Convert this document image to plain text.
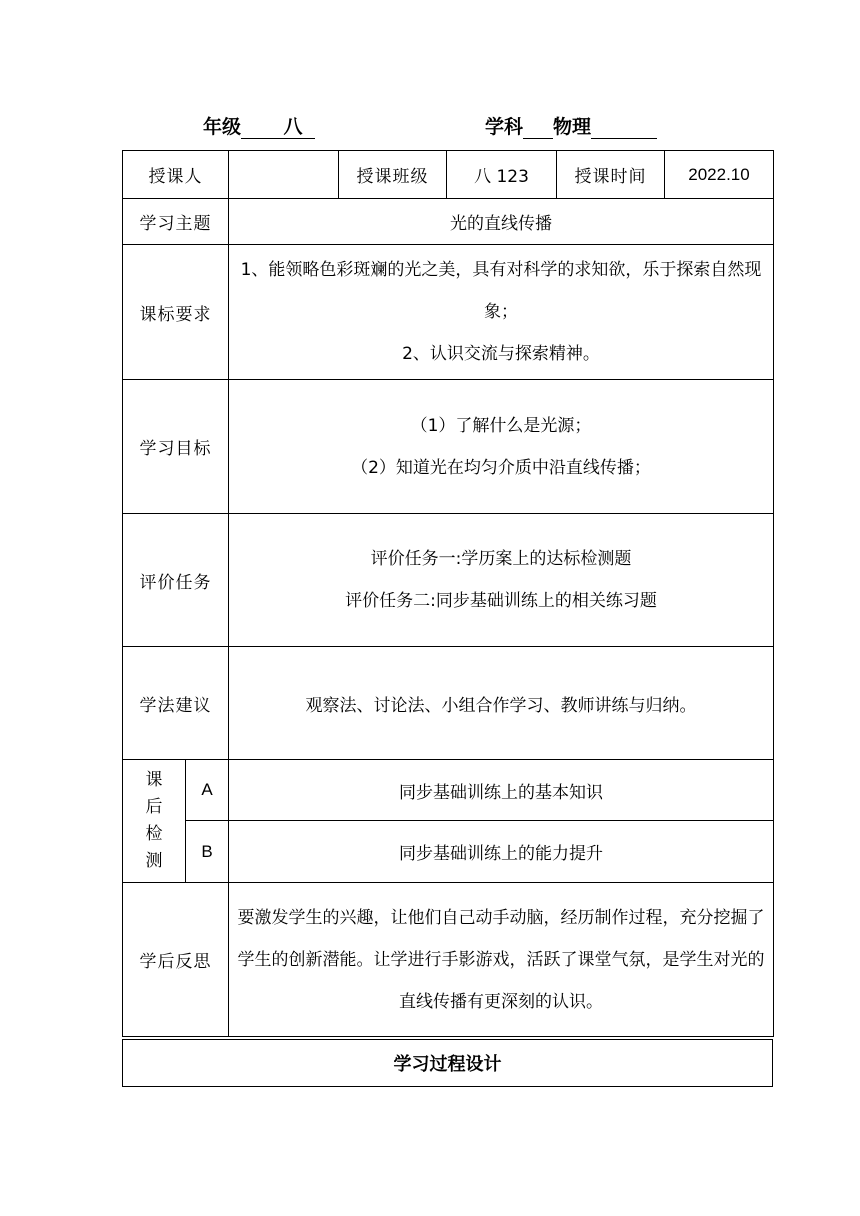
年级 八	学科 物理
授课人			授课班级	八 123	授课时间	2022.10
学习主题		光的直线传播				
课标要求		1、能领略色彩斑斓的光之美，具有对科学的求知欲，乐于探索自然现象；
2、认识交流与探索精神。				

学习目标		（1）了解什么是光源；
（2）知道光在均匀介质中沿直线传播；				

评价任务		评价任务一:学历案上的达标检测题
评价任务二:同步基础训练上的相关练习题				

学法建议		观察法、讨论法、小组合作学习、教师讲练与归纳。				

课
后
检
测	A	同步基础训练上的基本知识				
	B	同步基础训练上的能力提升				
学后反思		要激发学生的兴趣，让他们自己动手动脑，经历制作过程，充分挖掘了学生的创新潜能。让学进行手影游戏，活跃了课堂气氛，是学生对光的直线传播有更深刻的认识。				
学习过程设计
